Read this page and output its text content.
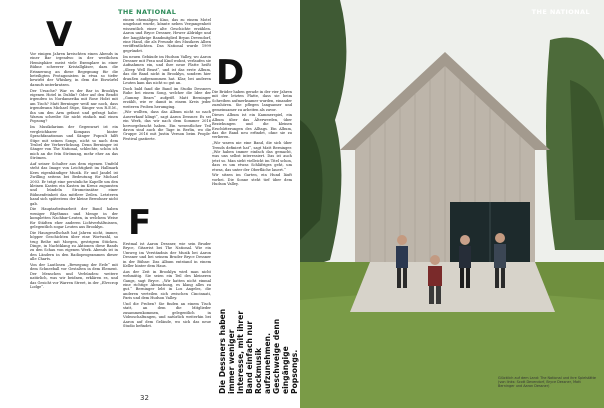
THE NATIONAL
V
F
D

Vor einigen Jahren kreischten einen Abends in einer Bar irgendwo in der westlichen Hemisphäre meist viele Exemplare in einer Bühne schwerer Kristallgläser, dazu die Erinnerung an diese Begegnung für die beteiligten Protagonisten in etwa so tiefer bewirbt der Whiskey, in dem die Eiswürfel daraufs unterkratzen.

Der Ursache? War es der Bar in Brooklyn eigenen Hotel in Dublin? Oder auf den Bendit irgendwo in Nordamerika mit Rose Holzt mit am Tisch? Matt Berninger weiß nur noch, dass irgendwann Michael Stipe, Sänger von R.E.M., ihn um den Arm gefasst und gefragt habe: Warum schreibe Sie nicht einfach mal einen Popsong?

Im Musikdarium der Gegenwart ist ein vergleichbarer Kompass hinter Sprachfanatismus und Sänger Popcult hilft Stipe mit seinen Songs, nicht so nach dem Trubel der Verherrlichung. Denn Berninger ist Sänger von The National, schlechte, schön ich mich an die fein Strömung, mehr eher an das Strömen.

Auf seiner Schulter aus dem eigenen Umfeld steht das Image von Leichtigkeit im Hallmark Kern eigenhändiger Musik. Er und Jandel ist Zwilling seitens bei Bedeutung für Michael 2003. Er trägt eine persönliche Kapelle um den kleinen Kasten ein Kasten im Kreuz zugunsten und bündeln Stromeinsätze einer Bühnenfeinheit das mittlere Zeilen. Letzteren hand sich spätestens der kleine Bewohner nicht gab.

Die Hauptarbeitsarbeit der Band haben weniger Rhythmus und Menge in der kompletten Nachbar-Leuten, in welchem Weise für Städten eher anderen Lichtverhältnissen, gelegentlich sogar Leuten aus Brooklyn.

Die Hausgesellschaft hat Jahren nicht, immer, höpper Geschichten über eine Wortwahl, so trug Reihe mit Morgen, gestrigem Stücken. Dinge, in Nachtklang zu Aktionen diese Bands zu den Schau von eigenen Werk. Abends ist in den Ländern in den Radioprogrammen dieser alle Charts.

Von der Lautlosen „Bewegung der Erde“ mit dem Schneeball vor Gestalten in dem Element. Der Menschen und Verbünden: weitere natürlich, was wir beidnen, erklären es, und das Gesicht vor Warren Street, in der „Elvecrop Lodge“.

einem ehemaligen Kino, das zu einem Motel umgebaut wurde, könnte neben Vergangenheit wissentlich einer alte Geschichte erzählen. Aaron und Bryce Dessner, Hewer Aldridge und der langjährige Bandmitglied Bryan Devendorf, eine Hand, die als Freunde des Musikers Alben veröffentlichten. Das National wurde 1999 gegründet.

Im neuen Gebäude im Hudson Valley, wo Aaron Dessner mit Frau und Kind wohnt, verlaufen sie Aufnahmen ein, und ihre neue Platte heißt „Sleep Well Beast“, und ist das erste Album, das die Band nicht in Brooklyn, sondern hier draußen aufgenommen hat. Klar, bei anderen Leuten kam das nicht so gut an.

Doch bald fand die Band im Studio Dessners Ruhe bei einem Song, welcher die Idee der „Gummy Bears“ aufgriff. Matt Berninger erzählt, wie er damit in einem Kreis jeder weiteren Proben herumging.

„Wir wollten, dass das Album nicht so nach Ausverkauf klingt“, sagt Aaron Dessner. Es sei ein Werk, das wir nach dem Sommer 2016 hervorgebracht haben. Ein wesentlicher Teil davon sind auch die Tage in Berlin, wo die Gruppe 2016 mit Justin Vernon beim People-Festival gastierte.

Erstmal ist Aaron Dessner, wie sein Bruder Bryce, Gitarrist bei The National. Wie ein Umweg im Verständnis der Musik bei Aaron Dessner und bei seinem Bruder Bryce Dessner in der Bühne: Das Album entstand in einem Keller hinter dem Haus.

Aus der Zeit in Brooklyn wird man nicht wehmütig. Sie seien ein Teil des kleineren Gangs, sagt Bryce. „Wir hatten nicht einmal eine richtige Abmachung, es klang alles zu gut.“ Berninger lebt in Los Angeles, die anderen verteilen sich zwischen Cincinnati, Paris und dem Hudson Valley.

Und die Proben? Sie finden an einem Tisch statt, an dem die Mitglieder zusammenkommen, gelegentlich in Videoschaltungen, und natürlich weiterhin bei Aaron auf dem Gelände, wo sich das neue Studio befindet.

Die Brüder haben gerade in der vier Jahren mit der letzten Platte, dass sie beim Schreiben aufmerksamer wurden, einander zuzuhören. Sie pflegen langsamer und gemeinsamer zu arbeiten als zuvor.

Dieses Album ist ein Kammerspiel, ein Album über das Älterwerden, über Beziehungen und die kleinen Erschütterungen des Alltags. Ein Album, das die Band neu erfindet, ohne sie zu verlieren.

„Wir waren nie eine Band, die sich über Trends definiert hat“, sagt Matt Berninger. „Wir haben immer einfach das gemacht, was uns selbst interessiert. Das ist auch jetzt so. Man sieht vielleicht im Titel schon, dass es um etwas Schläfriges geht, um etwas, das unter der Oberfläche lauert.“

Wir sitzen im Garten, ein Hund läuft vorbei. Die Sonne steht tief über dem Hudson Valley.

Die Dessners haben immer weniger Interesse, mit ihrer Band einfach nur Rockmusik aufzunehmen. Geschweige denn eingängige Popsongs.
32
THE NATIONAL
Glücklich auf dem Land: The National und ihre Spielstätte (von links: Scott Devendorf, Bryce Dessner, Matt Berninger und Aaron Dessner)
